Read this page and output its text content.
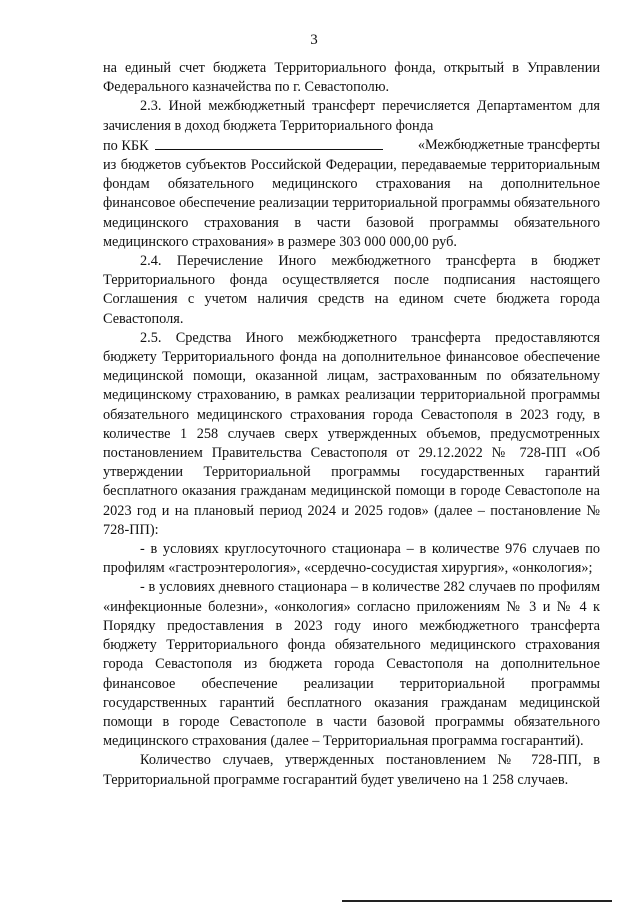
3

на единый счет бюджета Территориального фонда, открытый в Управлении Федерального казначейства по г. Севастополю.

2.3. Иной межбюджетный трансферт перечисляется Департаментом для зачисления в доход бюджета Территориального фонда

по КБК	«Межбюджетные трансферты

из бюджетов субъектов Российской Федерации, передаваемые территориальным фондам обязательного медицинского страхования на дополнительное финансовое обеспечение реализации территориальной программы обязательного медицинского страхования в части базовой программы обязательного медицинского страхования» в размере 303 000 000,00 руб.

2.4. Перечисление Иного межбюджетного трансферта в бюджет Территориального фонда осуществляется после подписания настоящего Соглашения с учетом наличия средств на едином счете бюджета города Севастополя.

2.5. Средства Иного межбюджетного трансферта предоставляются бюджету Территориального фонда на дополнительное финансовое обеспечение медицинской помощи, оказанной лицам, застрахованным по обязательному медицинскому страхованию, в рамках реализации территориальной программы обязательного медицинского страхования города Севастополя в 2023 году, в количестве 1 258 случаев сверх утвержденных объемов, предусмотренных постановлением Правительства Севастополя от 29.12.2022 № 728-ПП «Об утверждении Территориальной программы государственных гарантий бесплатного оказания гражданам медицинской помощи в городе Севастополе на 2023 год и на плановый период 2024 и 2025 годов» (далее – постановление № 728-ПП):

- в условиях круглосуточного стационара – в количестве 976 случаев по профилям «гастроэнтерология», «сердечно-сосудистая хирургия», «онкология»;

- в условиях дневного стационара – в количестве 282 случаев по профилям «инфекционные болезни», «онкология» согласно приложениям № 3 и № 4 к Порядку предоставления в 2023 году иного межбюджетного трансферта бюджету Территориального фонда обязательного медицинского страхования города Севастополя из бюджета города Севастополя на дополнительное финансовое обеспечение реализации территориальной программы государственных гарантий бесплатного оказания гражданам медицинской помощи в городе Севастополе в части базовой программы обязательного медицинского страхования (далее – Территориальная программа госгарантий).

Количество случаев, утвержденных постановлением № 728-ПП, в Территориальной программе госгарантий будет увеличено на 1 258 случаев.
